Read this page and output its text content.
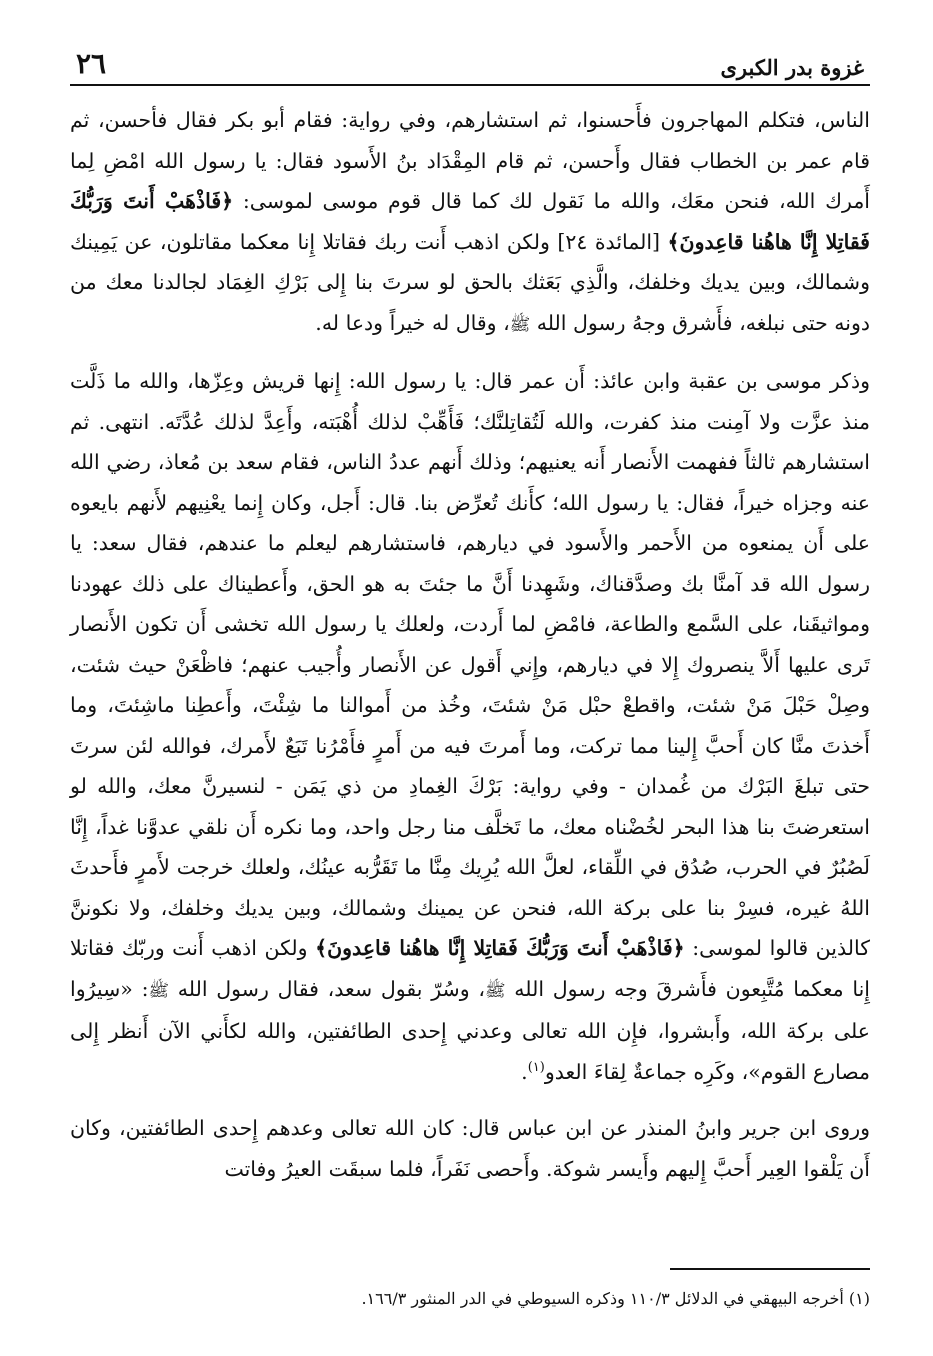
غزوة بدر الكبرى
٢٦

الناس، فتكلم المهاجرون فأَحسنوا، ثم استشارهم، وفي رواية: فقام أبو بكر فقال فأحسن، ثم قام عمر بن الخطاب فقال وأَحسن، ثم قام المِقْدَاد بنُ الأَسود فقال: يا رسول الله امْضِ لِما أَمرك الله، فنحن معَك، والله ما نَقول لك كما قال قوم موسى لموسى: ﴿فَاذْهَبْ أَنتَ وَرَبُّكَ فَقاتِلا إِنَّا هاهُنا قاعِدونَ﴾ [المائدة ٢٤] ولكن اذهب أَنت ربك فقاتلا إِنا معكما مقاتلون، عن يَمِينك وشمالك، وبين يديك وخلفك، والَّذِي بَعَثك بالحق لو سرتَ بنا إِلى بَرْكِ الغِمَاد لجالدنا معك من دونه حتى نبلغه، فأَشرق وجهُ رسول الله ﷺ، وقال له خيراً ودعا له.

وذكر موسى بن عقبة وابن عائذ: أَن عمر قال: يا رسول الله: إِنها قريش وعِزّها، والله ما ذَلَّت منذ عزَّت ولا آمِنت منذ كفرت، والله لَتُقاتِلنَّك؛ فَأَهِّبْ لذلك أُهْبَته، وأَعِدَّ لذلك عُدَّتَه. انتهى. ثم استشارهم ثالثاً ففهمت الأَنصار أَنه يعنيهم؛ وذلك أَنهم عددُ الناس، فقام سعد بن مُعاذ، رضي الله عنه وجزاه خيراً، فقال: يا رسول الله؛ كأَنك تُعرِّض بنا. قال: أَجل، وكان إِنما يعْنِيهم لأَنهم بايعوه على أَن يمنعوه من الأَحمر والأَسود في ديارهم، فاستشارهم ليعلم ما عندهم، فقال سعد: يا رسول الله قد آمنَّا بك وصدَّقناك، وشَهِدنا أَنَّ ما جئتَ به هو الحق، وأَعطيناك على ذلك عهودنا ومواثيقَنا، على السَّمع والطاعة، فامْضِ لما أَردت، ولعلك يا رسول الله تخشى أَن تكون الأَنصار تَرى عليها أَلاَّ ينصروك إِلا في ديارهم، وإِني أَقول عن الأَنصار وأُجيب عنهم؛ فاظْعَنْ حيث شئت، وصِلْ حَبْلَ مَنْ شئت، واقطعْ حبْل مَنْ شئتَ، وخُذ من أَموالنا ما شِئْتَ، وأَعطِنا ماشِئتَ، وما أَخذتَ منَّا كان أَحبَّ إِلينا مما تركت، وما أَمرتَ فيه من أَمرٍ فأَمْرُنا تَبَعٌ لأَمرك، فوالله لئن سرتَ حتى تبلغَ البَرْك من غُمدان - وفي رواية: بَرْكَ الغِمادِ من ذي يَمَن - لنسيرنَّ معك، والله لو استعرضتَ بنا هذا البحر لخُضْناه معك، ما تَخلَّف منا رجل واحد، وما نكره أَن نلقي عدوَّنا غداً، إِنَّا لَصُبُرٌ في الحرب، صُدُق في اللِّقاء، لعلَّ الله يُرِيك مِنَّا ما تَقَرُّبه عينُك، ولعلك خرجت لأَمرٍ فأَحدثَ اللهُ غيره، فسِرْ بنا على بركة الله، فنحن عن يمينك وشمالك، وبين يديك وخلفك، ولا نكوننَّ كالذين قالوا لموسى: ﴿فَاذْهَبْ أَنتَ وَرَبُّكَ فَقاتِلا إِنَّا هاهُنا قاعِدونَ﴾ ولكن اذهب أَنت وربّك فقاتلا إِنا معكما مُتَّبِعون فأَشرقَ وجه رسول الله ﷺ، وسُرّ بقول سعد، فقال رسول الله ﷺ: «سِيرُوا على بركة الله، وأَبشروا، فإِن الله تعالى وعدني إِحدى الطائفتين، والله لكأَني الآن أَنظر إِلى مصارع القوم»، وكَرِه جماعةٌ لِقاءَ العدو$^{(١)}$.

وروى ابن جرير وابنُ المنذر عن ابن عباس قال: كان الله تعالى وعدهم إِحدى الطائفتين، وكان أَن يَلْقوا العِير أَحبَّ إِليهم وأَيسر شوكة. وأَحصى نَفَراً، فلما سبقَت العيرُ وفاتت

(١) أخرجه البيهقي في الدلائل ١١٠/٣ وذكره السيوطي في الدر المنثور ١٦٦/٣.
